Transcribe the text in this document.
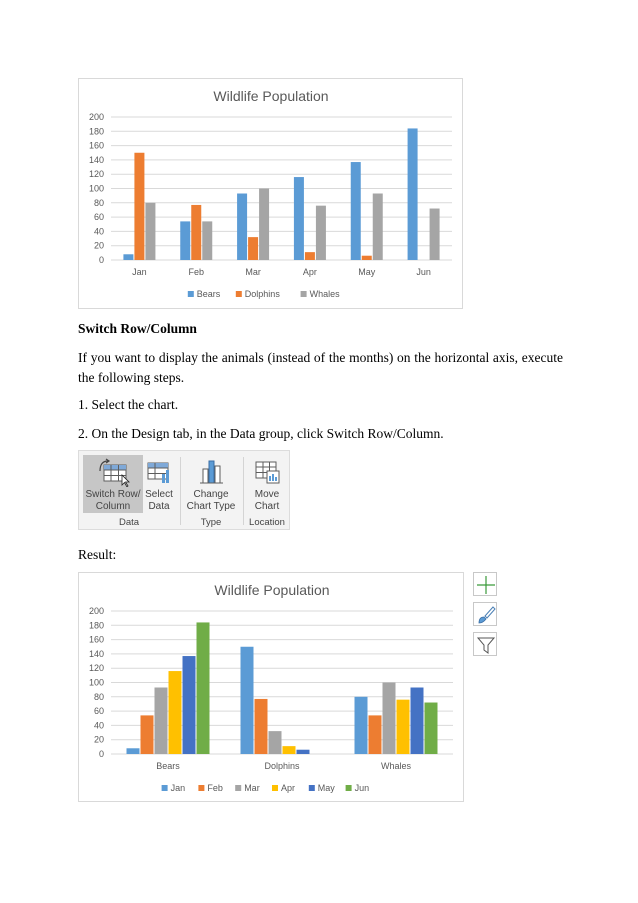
Wildlife Population
0
20
40
60
80
100
120
140
160
180
200
Jan	Feb	Mar	Apr	May	Jun
Bears	Dolphins	Whales
Switch Row/Column
If you want to display the animals (instead of the months) on the horizontal axis, execute the following steps.
1. Select the chart.
2. On the Design tab, in the Data group, click Switch Row/Column.
Switch Row/
Column
Select
Data
Change
Chart Type
Move
Chart
Data	Type	Location
Result:
Wildlife Population
0
20
40
60
80
100
120
140
160
180
200
Bears	Dolphins	Whales
Jan Feb Mar Apr	May Jun
